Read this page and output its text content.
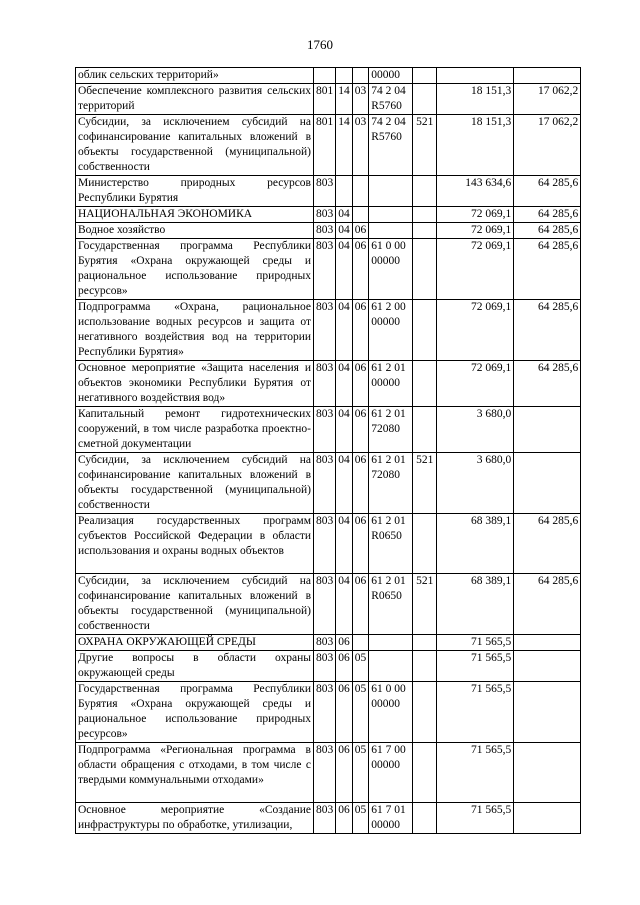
1760
облик сельских территорий»				00000			

Обеспечение комплексного развития сельских территорий	801	14	03	74 2 04
R5760		18 151,3	17 062,2
Субсидии, за исключением субсидий на софинансирование капитальных вложений в объекты государственной (муниципальной) собственности	801	14	03	74 2 04
R5760	521	18 151,3	17 062,2
Министерство природных ресурсов Республики Бурятия	803					143 634,6	64 285,6
НАЦИОНАЛЬНАЯ ЭКОНОМИКА	803	04				72 069,1	64 285,6
Водное хозяйство	803	04	06			72 069,1	64 285,6
Государственная программа Республики Бурятия «Охрана окружающей среды и рациональное использование природных ресурсов»	803	04	06	61 0 00
00000		72 069,1	64 285,6
Подпрограмма «Охрана, рациональное использование водных ресурсов и защита от негативного воздействия вод на территории Республики Бурятия»	803	04	06	61 2 00
00000		72 069,1	64 285,6
Основное мероприятие «Защита населения и объектов экономики Республики Бурятия от негативного воздействия вод»	803	04	06	61 2 01
00000		72 069,1	64 285,6
Капитальный ремонт гидротехнических сооружений, в том числе разработка проектно-сметной документации	803	04	06	61 2 01
72080		3 680,0	
Субсидии, за исключением субсидий на софинансирование капитальных вложений в объекты государственной (муниципальной) собственности	803	04	06	61 2 01
72080	521	3 680,0	
Реализация государственных программ субъектов Российской Федерации в области использования и охраны водных объектов	803	04	06	61 2 01
R0650		68 389,1	64 285,6
Субсидии, за исключением субсидий на софинансирование капитальных вложений в объекты государственной (муниципальной) собственности	803	04	06	61 2 01
R0650	521	68 389,1	64 285,6
ОХРАНА ОКРУЖАЮЩЕЙ СРЕДЫ	803	06				71 565,5	
Другие вопросы в области охраны окружающей среды	803	06	05			71 565,5	
Государственная программа Республики Бурятия «Охрана окружающей среды и рациональное использование природных ресурсов»	803	06	05	61 0 00
00000		71 565,5	
Подпрограмма «Региональная программа в области обращения с отходами, в том числе с твердыми коммунальными отходами»	803	06	05	61 7 00
00000		71 565,5	
Основное мероприятие «Создание инфраструктуры по обработке, утилизации,	803	06	05	61 7 01
00000		71 565,5	
